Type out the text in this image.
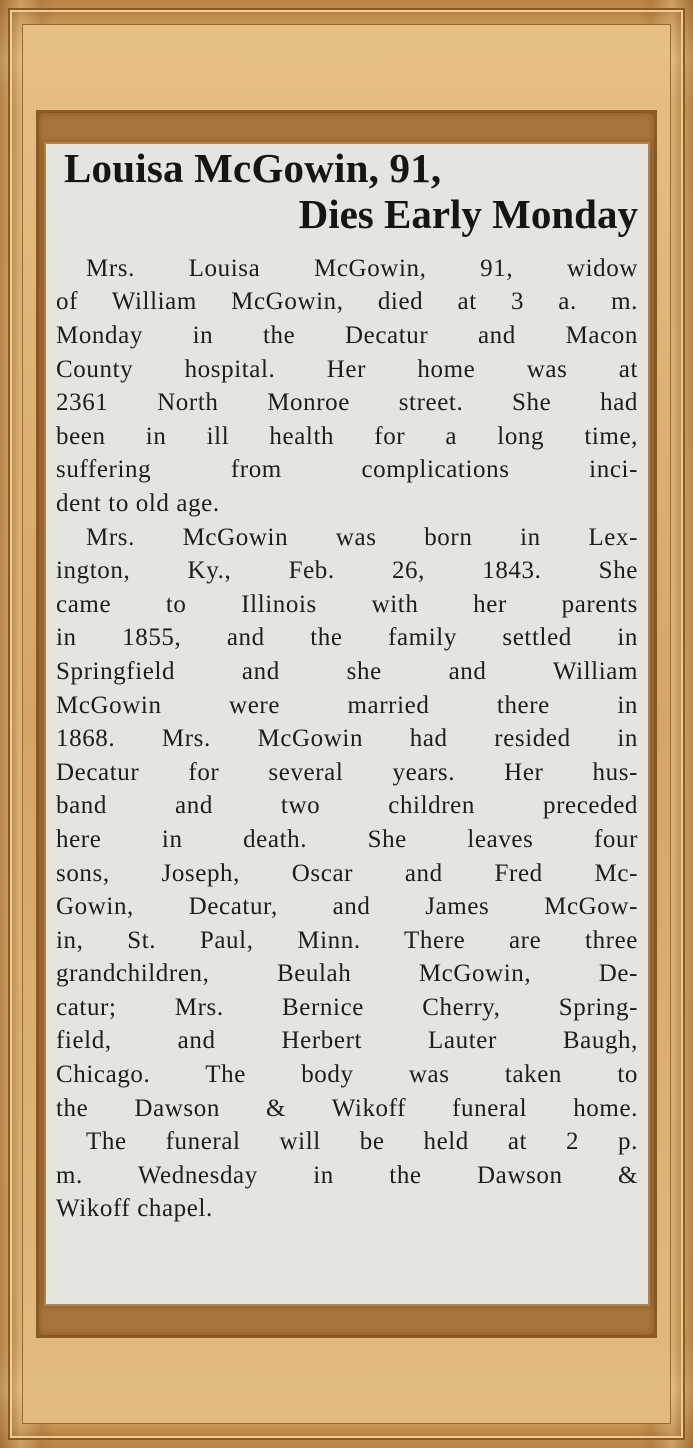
Louisa McGowin, 91,
Dies Early Monday
Mrs. Louisa McGowin, 91, widow
of William McGowin, died at 3 a. m.
Monday in the Decatur and Macon
County hospital. Her home was at
2361 North Monroe street. She had
been in ill health for a long time,
suffering from complications inci-
dent to old age.
Mrs. McGowin was born in Lex-
ington, Ky., Feb. 26, 1843. She
came to Illinois with her parents
in 1855, and the family settled in
Springfield and she and William
McGowin were married there in
1868. Mrs. McGowin had resided in
Decatur for several years. Her hus-
band and two children preceded
here in death. She leaves four
sons, Joseph, Oscar and Fred Mc-
Gowin, Decatur, and James McGow-
in, St. Paul, Minn. There are three
grandchildren, Beulah McGowin, De-
catur; Mrs. Bernice Cherry, Spring-
field, and Herbert Lauter Baugh,
Chicago. The body was taken to
the Dawson & Wikoff funeral home.
The funeral will be held at 2 p.
m. Wednesday in the Dawson &
Wikoff chapel.
